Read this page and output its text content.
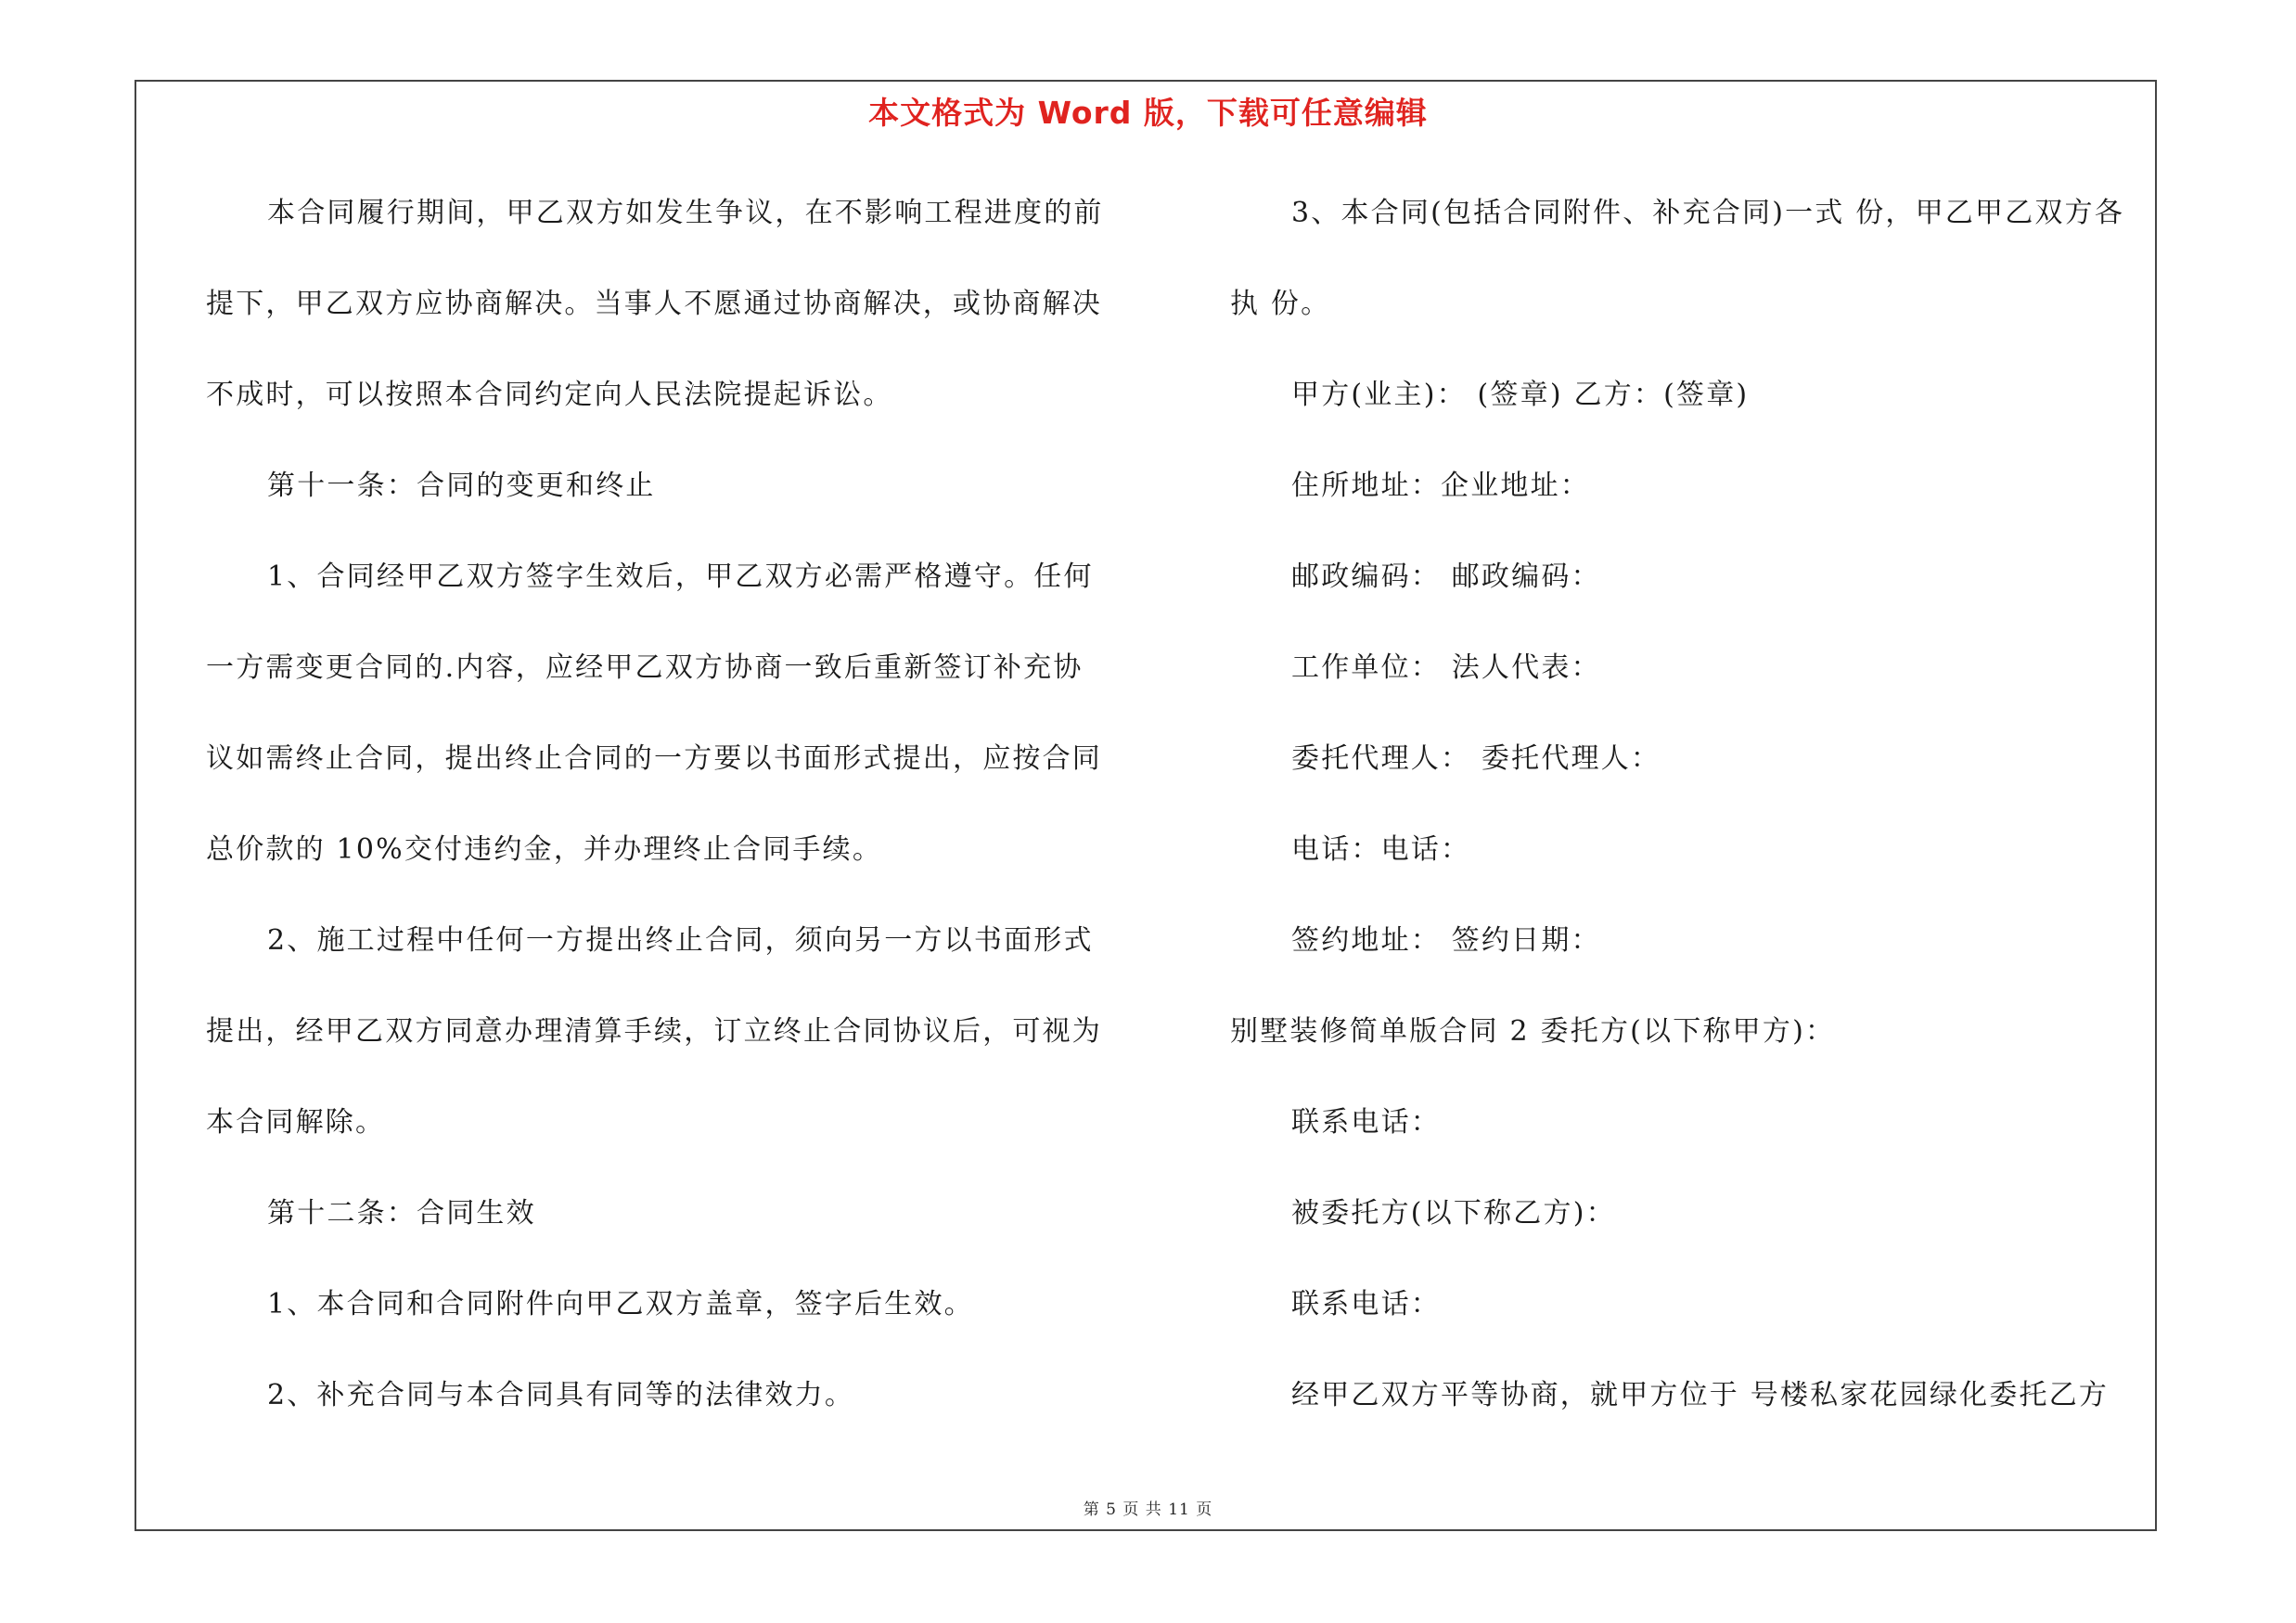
本文格式为 Word 版，下载可任意编辑
本合同履行期间，甲乙双方如发生争议，在不影响工程进度的前
提下，甲乙双方应协商解决。当事人不愿通过协商解决，或协商解决
不成时，可以按照本合同约定向人民法院提起诉讼。
第十一条：合同的变更和终止
1、合同经甲乙双方签字生效后，甲乙双方必需严格遵守。任何
一方需变更合同的.内容，应经甲乙双方协商一致后重新签订补充协
议如需终止合同，提出终止合同的一方要以书面形式提出，应按合同
总价款的 10%交付违约金，并办理终止合同手续。
2、施工过程中任何一方提出终止合同，须向另一方以书面形式
提出，经甲乙双方同意办理清算手续，订立终止合同协议后，可视为
本合同解除。
第十二条：合同生效
1、本合同和合同附件向甲乙双方盖章，签字后生效。
2、补充合同与本合同具有同等的法律效力。
3、本合同(包括合同附件、补充合同)一式 份，甲乙甲乙双方各
执 份。
甲方(业主)： (签章) 乙方：(签章)
住所地址：企业地址：
邮政编码： 邮政编码：
工作单位： 法人代表：
委托代理人： 委托代理人：
电话：电话：
签约地址： 签约日期：
别墅装修简单版合同 2 委托方(以下称甲方)：
联系电话：
被委托方(以下称乙方)：
联系电话：
经甲乙双方平等协商，就甲方位于 号楼私家花园绿化委托乙方
第 5 页 共 11 页
